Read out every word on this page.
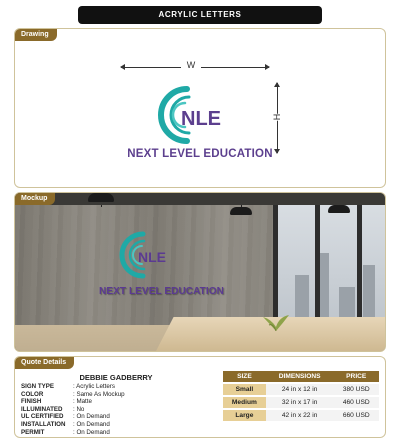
ACRYLIC LETTERS
Drawing
W
H
NLE
NEXT LEVEL EDUCATION
Mockup
NLE
NEXT LEVEL EDUCATION
Quote Details
DEBBIE GADBERRY
SIGN TYPE	: Acrylic Letters
COLOR	: Same As Mockup
FINISH	: Matte
ILLUMINATED	: No
UL CERTIFIED	: On Demand
INSTALLATION	: On Demand
PERMIT	: On Demand
SIZE	DIMENSIONS	PRICE
Small	24 in x 12 in	380 USD
Medium	32 in x 17 in	460 USD
Large	42 in x 22 in	660 USD
